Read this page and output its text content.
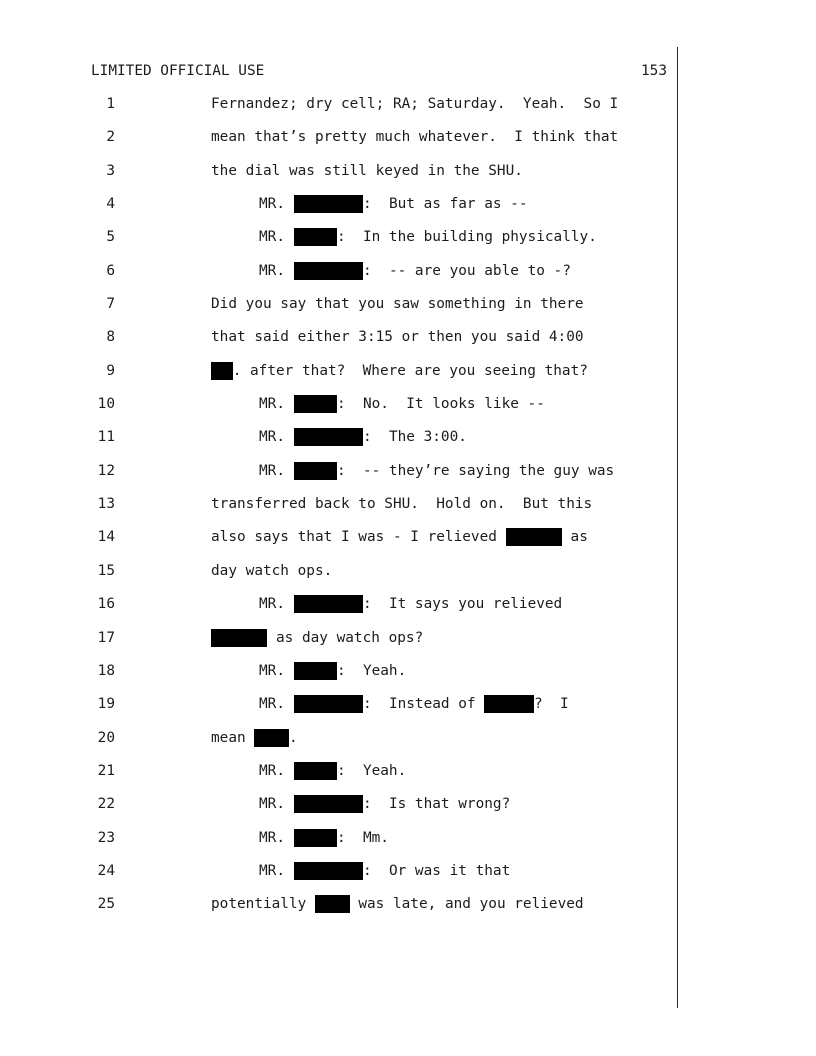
LIMITED OFFICIAL USE	153
1	Fernandez; dry cell; RA; Saturday.  Yeah.  So I
2	mean that’s pretty much whatever.  I think that
3	the dial was still keyed in the SHU.
4	MR.	:  But as far as --
5	MR.	:  In the building physically.
6	MR.	:  -- are you able to -?
7	Did you say that you saw something in there
8	that said either 3:15 or then you said 4:00
9	. after that?  Where are you seeing that?
10	MR.	:  No.  It looks like --
11	MR.	:  The 3:00.
12	MR.	:  -- they’re saying the guy was
13	transferred back to SHU.  Hold on.  But this
14	also says that I was - I relieved	as
15	day watch ops.
16	MR.	:  It says you relieved
17	as day watch ops?
18	MR.	:  Yeah.
19	MR.	:  Instead of	?  I
20	mean .
21	MR.	:  Yeah.
22	MR.	:  Is that wrong?
23	MR.	:  Mm.
24	MR.	:  Or was it that
25	potentially  was late, and you relieved
